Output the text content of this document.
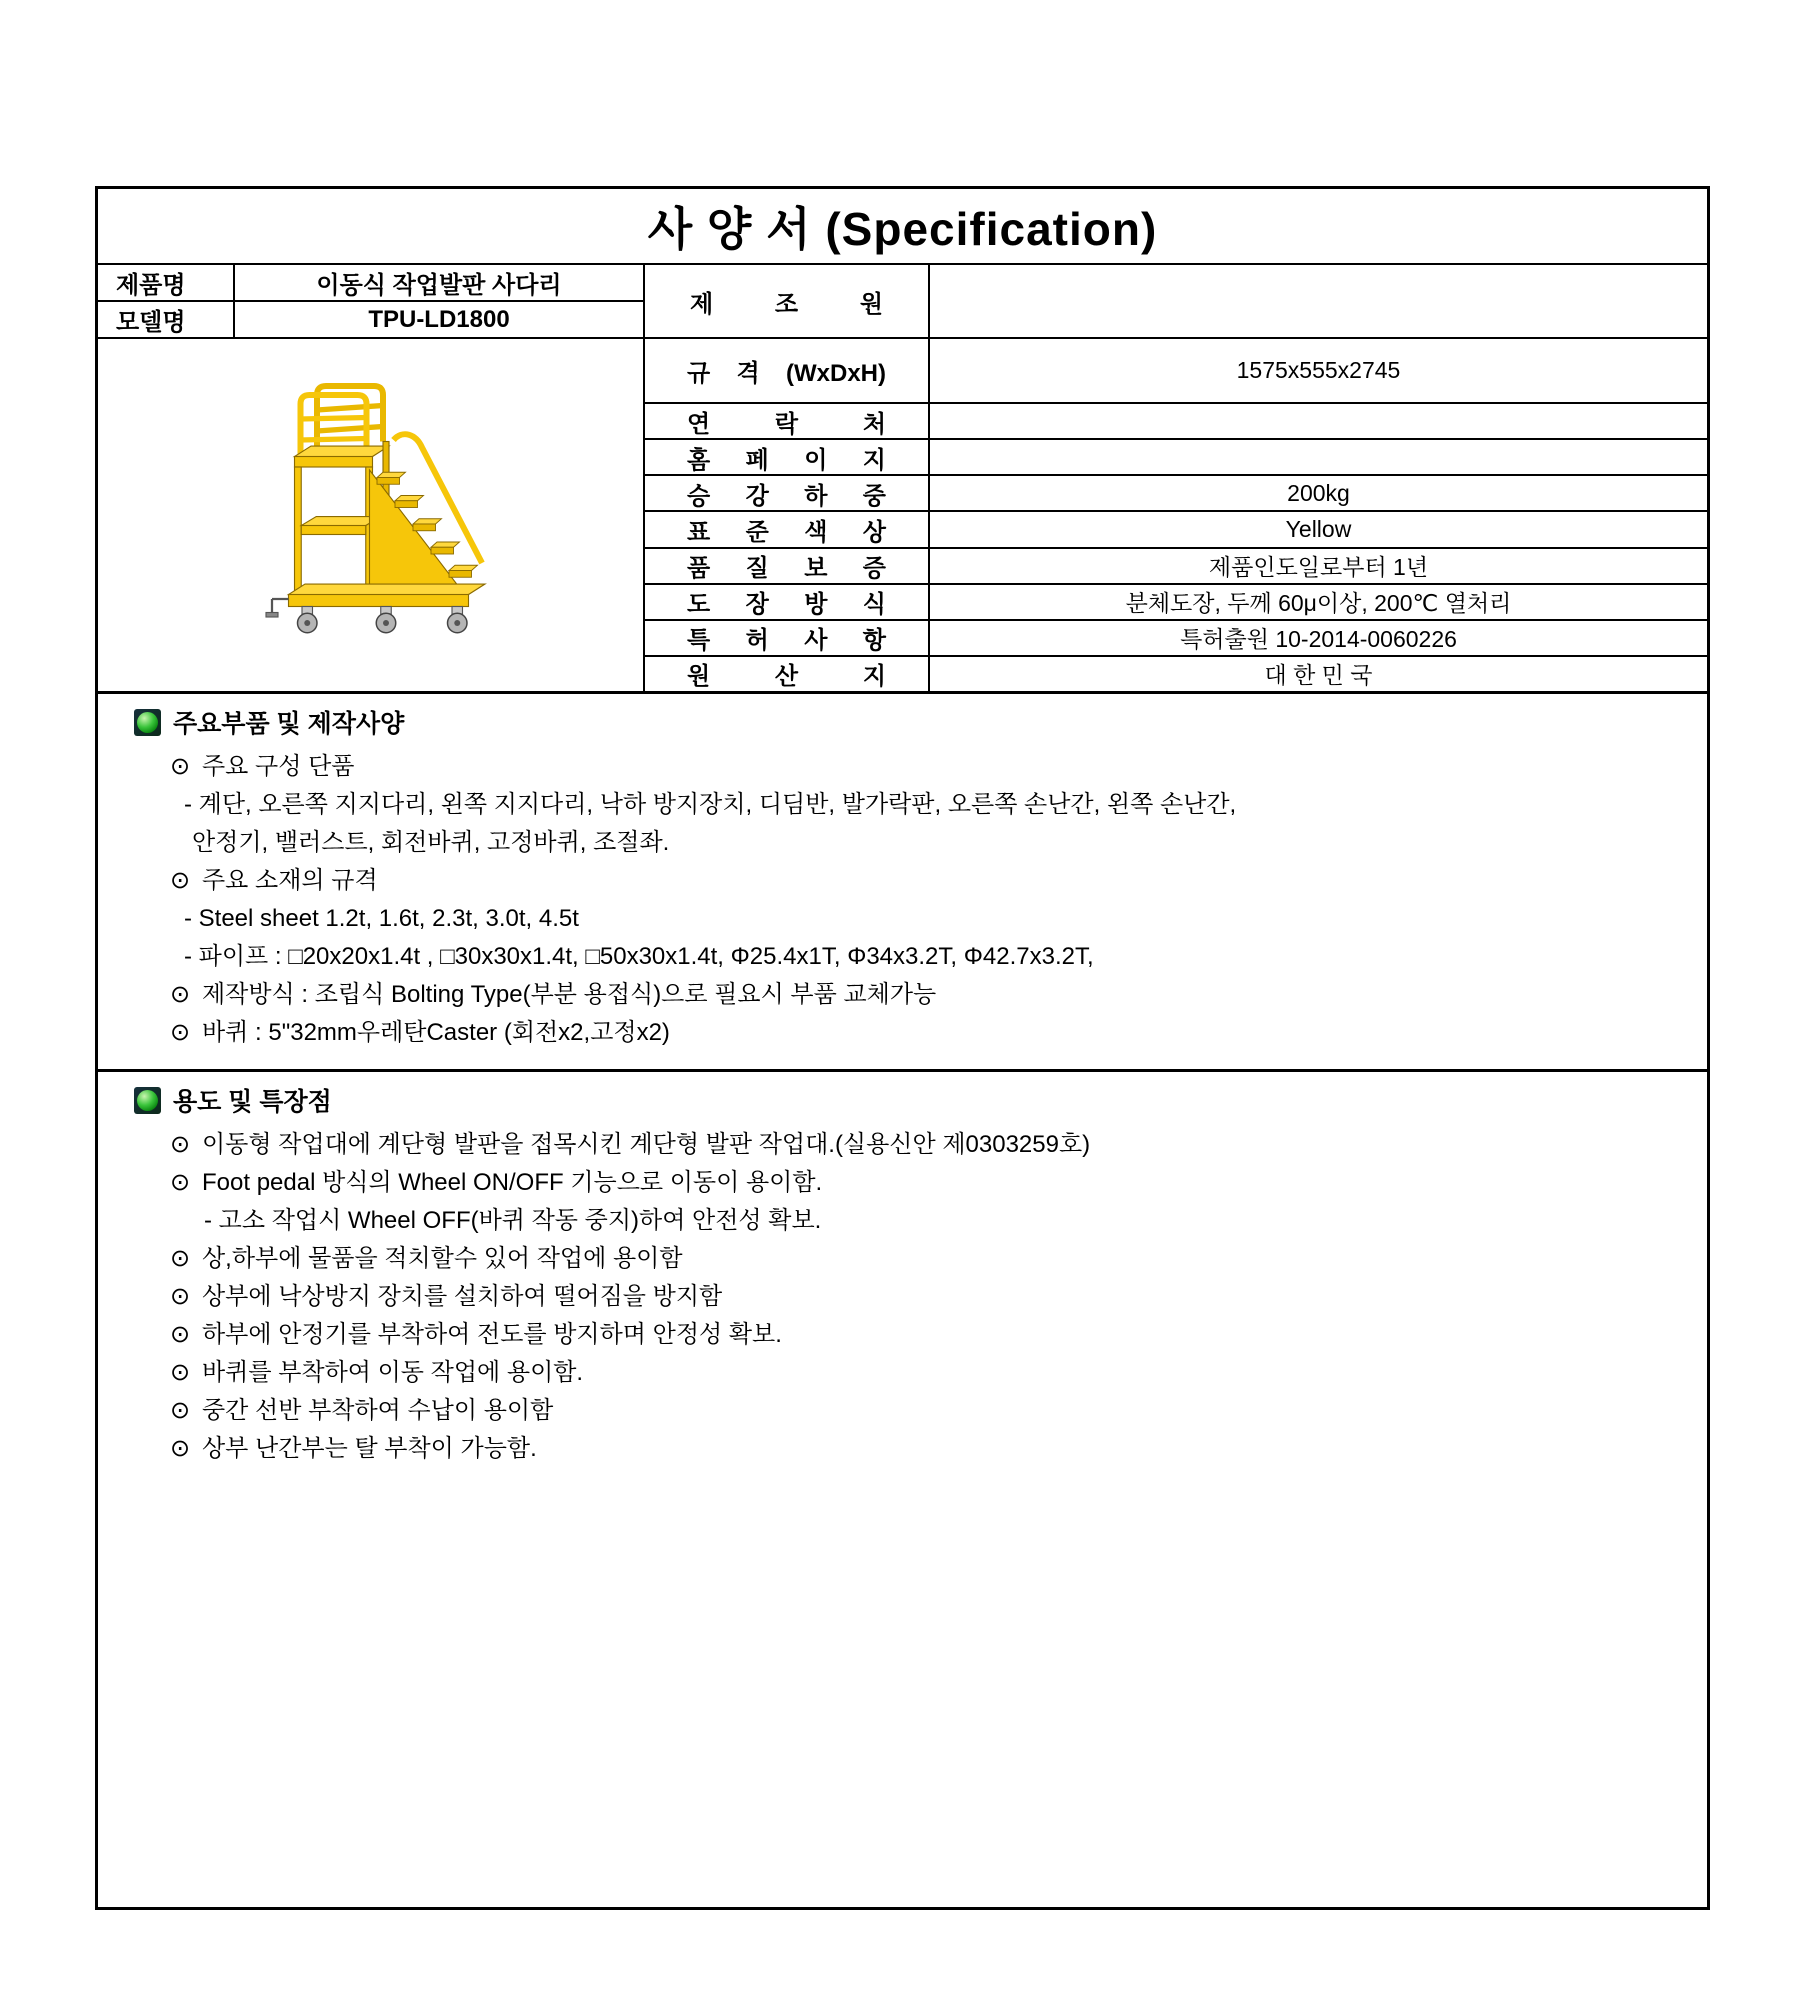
사 양 서 (Specification)
제품명	이동식 작업발판 사다리
모델명	TPU-LD1800
제 조 원
규 격 (WxDxH)	1575x555x2745
연 락 처
홈 페 이 지
승 강 하 중	200kg
표 준 색 상	Yellow
품 질 보 증	제품인도일로부터 1년
도 장 방 식	분체도장, 두께 60μ이상, 200℃ 열처리
특 허 사 항	특허출원 10-2014-0060226
원 산 지	대 한 민 국
주요부품 및 제작사양
⊙ 주요 구성 단품
- 계단, 오른쪽 지지다리, 왼쪽 지지다리, 낙하 방지장치, 디딤반, 발가락판, 오른쪽 손난간, 왼쪽 손난간,
안정기, 밸러스트, 회전바퀴, 고정바퀴, 조절좌.
⊙ 주요 소재의 규격
- Steel sheet 1.2t, 1.6t, 2.3t, 3.0t, 4.5t
- 파이프 : □20x20x1.4t , □30x30x1.4t, □50x30x1.4t, Φ25.4x1T, Φ34x3.2T, Φ42.7x3.2T,
⊙ 제작방식 : 조립식 Bolting Type(부분 용접식)으로 필요시 부품 교체가능
⊙ 바퀴 : 5"32mm우레탄Caster (회전x2,고정x2)
용도 및 특장점
⊙ 이동형 작업대에 계단형 발판을 접목시킨 계단형 발판 작업대.(실용신안 제0303259호)
⊙ Foot pedal 방식의 Wheel ON/OFF 기능으로 이동이 용이함.
- 고소 작업시 Wheel OFF(바퀴 작동 중지)하여 안전성 확보.
⊙ 상,하부에 물품을 적치할수 있어 작업에 용이함
⊙ 상부에 낙상방지 장치를 설치하여 떨어짐을 방지함
⊙ 하부에 안정기를 부착하여 전도를 방지하며 안정성 확보.
⊙ 바퀴를 부착하여 이동 작업에 용이함.
⊙ 중간 선반 부착하여 수납이 용이함
⊙ 상부 난간부는 탈 부착이 가능함.
